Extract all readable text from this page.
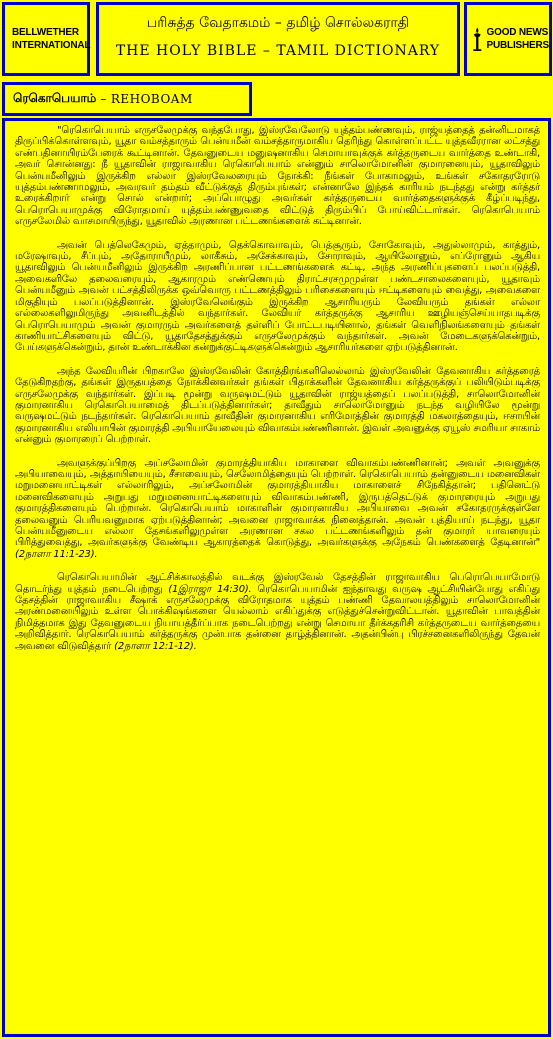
BELLWETHER
INTERNATIONAL
பரிசுத்த வேதாகமம் – தமிழ் சொல்லகராதி
THE HOLY BIBLE – TAMIL DICTIONARY
GOOD NEWS
PUBLISHERS
ரெகொபெயாம் – REHOBOAM

"ரெகொபெயாம் எருசலேமுக்கு வந்தபோது, இஸ்ரவேலோடு யுத்தம்பண்ணவும், ராஜ்யத்தைத் தன்னிடமாகத் திருப்பிக்கொள்ளவும், யூதா வம்சத்தாரும் பென்யமீன் வம்சத்தாருமாகிய தெரிந்து கொள்ளப்பட்ட யுத்தவீரரான லட்சத்து எண்பதினாயிரம்பேரைக் கூட்டினான். தேவனுடைய மனுஷனாகிய செமாயாவுக்குக் கர்த்தருடைய வார்த்தை உண்டாகி, அவர் சொன்னது: நீ யூதாவின் ராஜாவாகிய ரெகொபெயாம் என்னும் சாலொமோனின் குமாரனையும், யூதாவிலும் பென்யமீனிலும் இருக்கிற எல்லா இஸ்ரவேலரையும் நோக்கி: நீங்கள் போகாமலும், உங்கள் சகோதரரோடு யுத்தம்பண்ணாமலும், அவரவர் தம்தம் வீட்டுக்குத் திரும்புங்கள்; என்னாலே இந்தக் காரியம் நடந்தது என்று கர்த்தர் உரைக்கிறார் என்று சொல் என்றார்; அப்பொழுது அவர்கள் கர்த்தருடைய வார்த்தைகளுக்குக் கீழ்ப்படிந்து, பெரொபெயாமுக்கு விரோதமாய் யுத்தம்பண்ணுவதை விட்டுத் திரும்பிப் போய்விட்டார்கள். ரெகொபெயாம் எருசலேமில் வாசமாயிருந்து, யூதாவில் அரணான பட்டணங்களைக் கட்டினான்.

அவன் பெத்லெகேமும், ஏத்தாமும், தெக்கொவாவும், பெத்சூரும், சோகோவும், அதுல்லாமும், காத்தும், மரேஷாவும், சீப்பும், அதோராயீமும், லாகீசும், அசேக்காவும், சோராவும், ஆயிலோனும், எப்ரோனும் ஆகிய யூதாவிலும் பென்யமீனிலும் இருக்கிற அரணிப்பான பட்டணங்களைக் கட்டி, அந்த அரணிப்புகளைப் பலப்படுத்தி, அவைகளிலே தலைவரையும், ஆகாரமும் எண்ணெயும் திராட்சரசமுமுள்ள பண்டசாலைகளையும், யூதாவும் பென்யமீனும் அவன் பட்சத்திலிருக்க ஒவ்வொரு பட்டணத்திலும் பரிசைகளையும் ஈட்டிகளையும் வைத்து, அவைகளை மிகுதியும் பலப்படுத்தினான். இஸ்ரவேலெங்கும் இருக்கிற ஆசாரியரும் லேவியரும் தங்கள் எல்லா எல்லைகளிலுமிருந்து அவனிடத்தில் வந்தார்கள். லேவியர் கர்த்தருக்கு ஆசாரிய ஊழியஞ்செய்யாதபடிக்கு பெரொபெயாமும் அவன் குமாரரும் அவர்களைத் தள்ளிப் போட்டபடியினால், தங்கள் வெளிநிலங்களையும் தங்கள் காணியாட்சிகளையும் விட்டு, யூதாதேசத்துக்கும் எருசலேமுக்கும் வந்தார்கள். அவன் மேடைகளுக்கென்றும், பேய்களுக்கென்றும், தான் உண்டாக்கின கன்றுக்குட்டிகளுக்கென்றும் ஆசாரியர்களை ஏற்படுத்தினான்.

அந்த லேவியரின் பிறகாலே இஸ்ரவேலின் கோத்திரங்களிலெல்லாம் இஸ்ரவேலின் தேவனாகிய கர்த்தரைத் தேடுகிறதற்கு, தங்கள் இருதயத்தை நோக்கினவர்கள் தங்கள் பிதாக்களின் தேவனாகிய கர்த்தருக்குப் பலியிடும்படிக்கு எருசலேமுக்கு வந்தார்கள். இப்படி மூன்று வருஷமட்டும் யூதாவின் ராஜ்யத்தைப் பலப்படுத்தி, சாலொமோனின் குமாரனாகிய ரெகொபெயாமைத் திடப்படுத்தினார்கள்; தாவீதும் சாலொமோனும் நடந்த வழியிலே மூன்று வருஷமட்டும் நடந்தார்கள். ரெகொபெயாம் தாவீதின் குமாரனாகிய எரிமோத்தின் குமாரத்தி மகலாத்தையும், ஈசாயின் குமாரனாகிய எலியாபின் குமாரத்தி அபியாயேலையும் விவாகம்பண்ணினான். இவள் அவனுக்கு ஏயூஸ் சமரியா சாகாம் என்னும் குமாரரைப் பெற்றாள்.

அவளுக்குப்பிறகு அப்சலோமின் குமாரத்தியாகிய மாகாளை விவாகம்பண்ணினான்; அவள் அவனுக்கு அபியாவையும், அத்தாயியையும், சீசாவையும், செலோமித்தையும் பெற்றாள். ரெகொபெயாம் தன்னுடைய மனைவிகள் மறுமனையாட்டிகள் எல்லாரிலும், அப்சலோமின் குமாரத்தியாகிய மாகாளைச் சிநேகித்தான்; பதினெட்டு மனைவிகளையும் அறுபது மறுமனையாட்டிகளையும் விவாகம்பண்ணி, இருபத்தெட்டுக் குமாரரையும் அறுபது குமாரத்திகளையும் பெற்றான். ரெகொபெயாம் மாகாளின் குமாரனாகிய அபியாவை அவன் சகோதரருக்குள்ளே தலைவனும் பெரியவனுமாக ஏற்படுத்தினான்; அவனை ராஜாவாக்க நினைத்தான். அவன் புத்தியாய் நடந்து, யூதா பென்யமீனுடைய எல்லா தேசங்களிலுமுள்ள அரணான சகல பட்டணங்களிலும் தன் குமாரர் யாவரையும் பிரித்துவைத்து, அவர்களுக்கு வேண்டிய ஆகாரத்தைக் கொடுத்து, அவர்களுக்கு அநேகம் பெண்களைத் தேடினான்" (2நாளா 11:1-23).

ரெகொபெயாமின் ஆட்சிக்காலத்தில் வடக்கு இஸ்ரவேல் தேசத்தின் ராஜாவாகிய பெரொபெயாமோடு தொடர்ந்து யுத்தம் நடைபெற்றது (1இராஜா 14:30). ரெகொபெயாமின் ஐந்தாவது வருஷ ஆட்சியின்போது எகிப்து தேசத்தின் ராஜாவாகிய சீஷாக் எருசலேமுக்கு விரோதமாக யுத்தம் பண்ணி தேவாலயத்திலும் சாலொமோனின் அரண்மனையிலும் உள்ள பொக்கிஷங்களை யெல்லாம் எகிப்துக்கு எடுத்துச்சென்றுவிட்டான். யூதாவின் பாவத்தின் நிமித்தமாக இது தேவனுடைய நியாயத்தீர்ப்பாக நடைபெற்றது என்று செமாயா தீர்க்கதரிசி கர்த்தருடைய வார்த்தையை அறிவித்தார். ரெகொபெயாம் கர்த்தருக்கு முன்பாக தன்னை தாழ்த்தினான். அதன்பின்பு பிரச்சனைகளிலிருந்து தேவன் அவனை விடுவித்தார் (2நாளா 12:1-12).
